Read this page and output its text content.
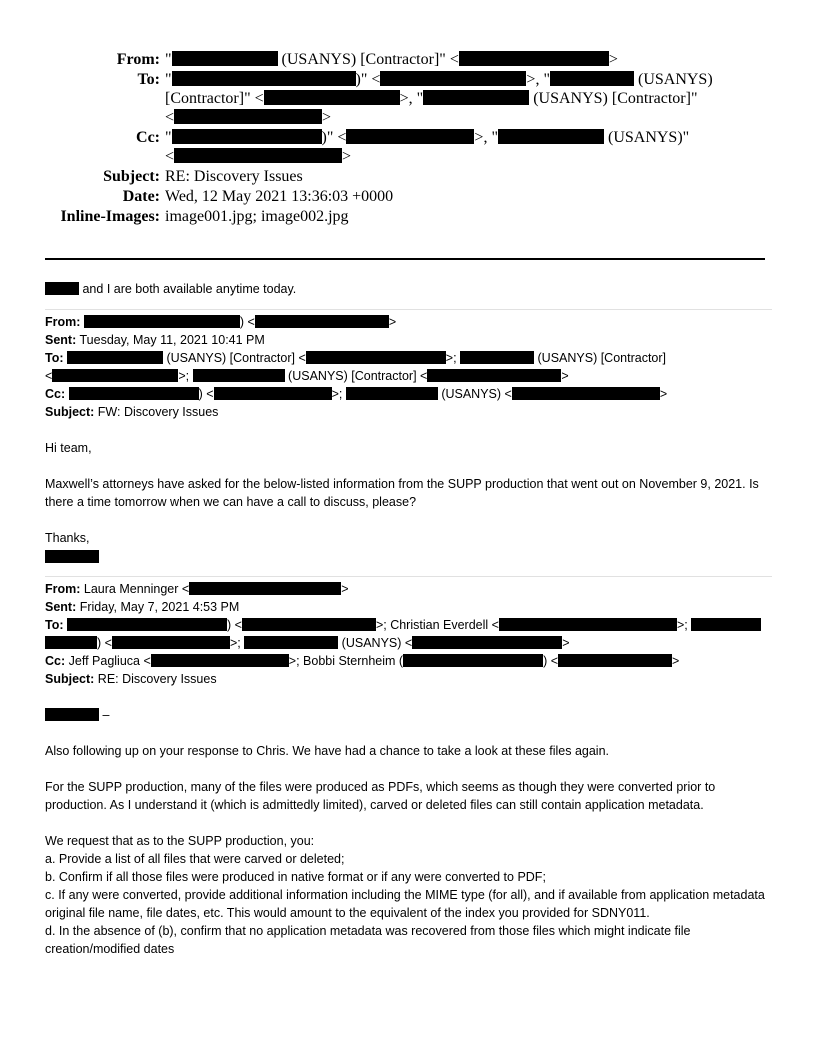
From: "	(USANYS) [Contractor]" <	>
To: "	)" <	>, "	(USANYS)
[Contractor]" <	>, "	(USANYS) [Contractor]"
<	>
Cc: "	)" <	>, "	(USANYS)"
<	>
Subject: RE: Discovery Issues
Date: Wed, 12 May 2021 13:36:03 +0000
Inline-Images: image001.jpg; image002.jpg

and I are both available anytime today.

From:	) <	>

Sent: Tuesday, May 11, 2021 10:41 PM

To:	(USANYS) [Contractor] <	>;	(USANYS) [Contractor]
<	>;	(USANYS) [Contractor] <	>

Cc:	) <	>;	(USANYS) <	>

Subject: FW: Discovery Issues

Hi team,

Maxwell’s attorneys have asked for the below-listed information from the SUPP production that went out on November 9, 2021. Is there a time tomorrow when we can have a call to discuss, please?

Thanks,

From: Laura Menninger <	>

Sent: Friday, May 7, 2021 4:53 PM

To:	) <	>; Christian Everdell <	>;
) <	>;	(USANYS) <	>

Cc: Jeff Pagliuca <	>; Bobbi Sternheim (	) <	>

Subject: RE: Discovery Issues

–

Also following up on your response to Chris. We have had a chance to take a look at these files again.

For the SUPP production, many of the files were produced as PDFs, which seems as though they were converted prior to production. As I understand it (which is admittedly limited), carved or deleted files can still contain application metadata.

We request that as to the SUPP production, you:

a. Provide a list of all files that were carved or deleted;

b. Confirm if all those files were produced in native format or if any were converted to PDF;

c. If any were converted, provide additional information including the MIME type (for all), and if available from application metadata original file name, file dates, etc. This would amount to the equivalent of the index you provided for SDNY011.

d. In the absence of (b), confirm that no application metadata was recovered from those files which might indicate file creation/modified dates
